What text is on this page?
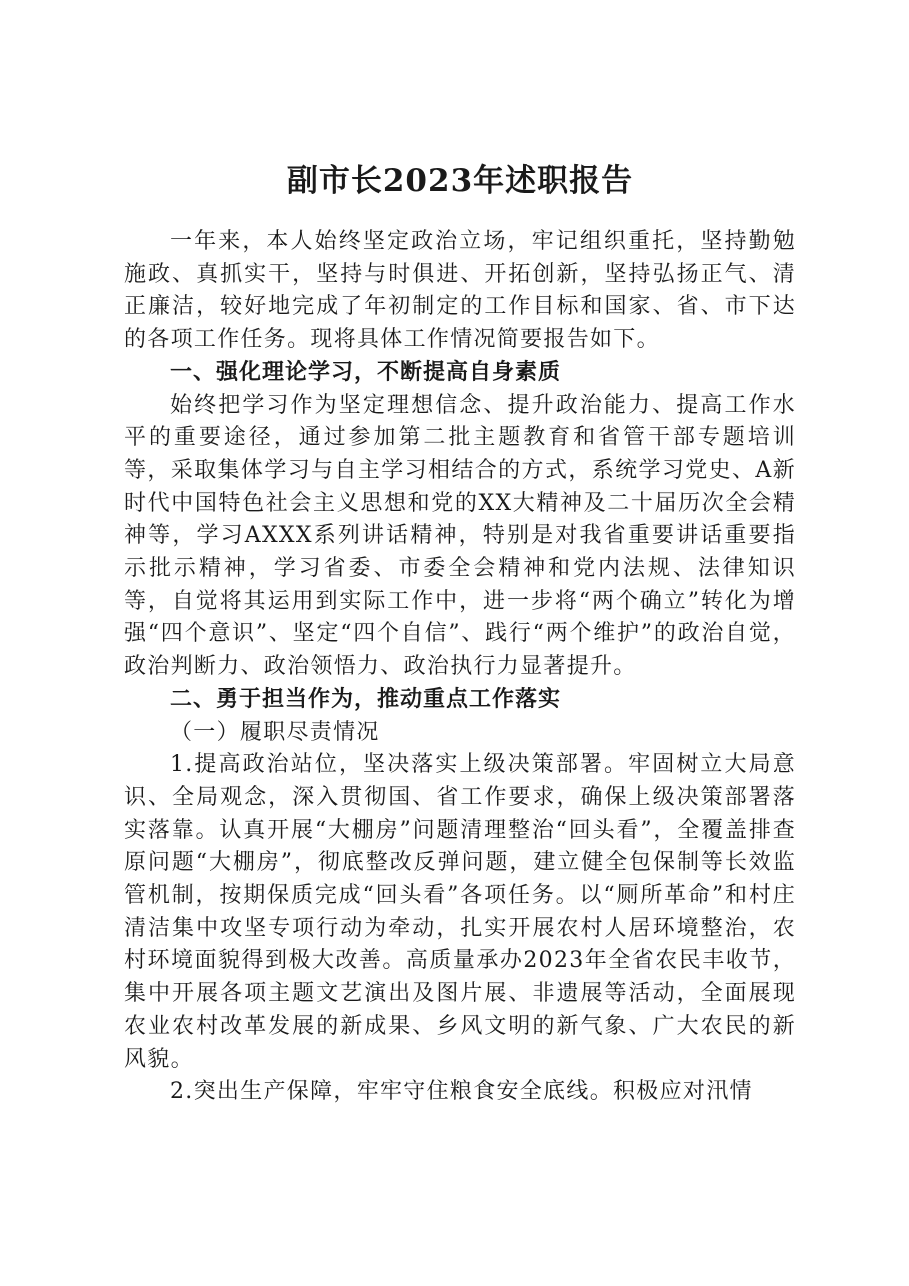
副市长2023年述职报告

一年来，本人始终坚定政治立场，牢记组织重托，坚持勤勉施政、真抓实干，坚持与时俱进、开拓创新，坚持弘扬正气、清正廉洁，较好地完成了年初制定的工作目标和国家、省、市下达的各项工作任务。现将具体工作情况简要报告如下。

一、强化理论学习，不断提高自身素质

始终把学习作为坚定理想信念、提升政治能力、提高工作水平的重要途径，通过参加第二批主题教育和省管干部专题培训等，采取集体学习与自主学习相结合的方式，系统学习党史、A新时代中国特色社会主义思想和党的XX大精神及二十届历次全会精神等，学习AXXX系列讲话精神，特别是对我省重要讲话重要指示批示精神，学习省委、市委全会精神和党内法规、法律知识等，自觉将其运用到实际工作中，进一步将“两个确立”转化为增强“四个意识”、坚定“四个自信”、践行“两个维护”的政治自觉，政治判断力、政治领悟力、政治执行力显著提升。

二、勇于担当作为，推动重点工作落实

（一）履职尽责情况

1.提高政治站位，坚决落实上级决策部署。牢固树立大局意识、全局观念，深入贯彻国、省工作要求，确保上级决策部署落实落靠。认真开展“大棚房”问题清理整治“回头看”，全覆盖排查原问题“大棚房”，彻底整改反弹问题，建立健全包保制等长效监管机制，按期保质完成“回头看”各项任务。以“厕所革命”和村庄清洁集中攻坚专项行动为牵动，扎实开展农村人居环境整治，农村环境面貌得到极大改善。高质量承办2023年全省农民丰收节，集中开展各项主题文艺演出及图片展、非遗展等活动，全面展现农业农村改革发展的新成果、乡风文明的新气象、广大农民的新风貌。

2.突出生产保障，牢牢守住粮食安全底线。积极应对汛情
